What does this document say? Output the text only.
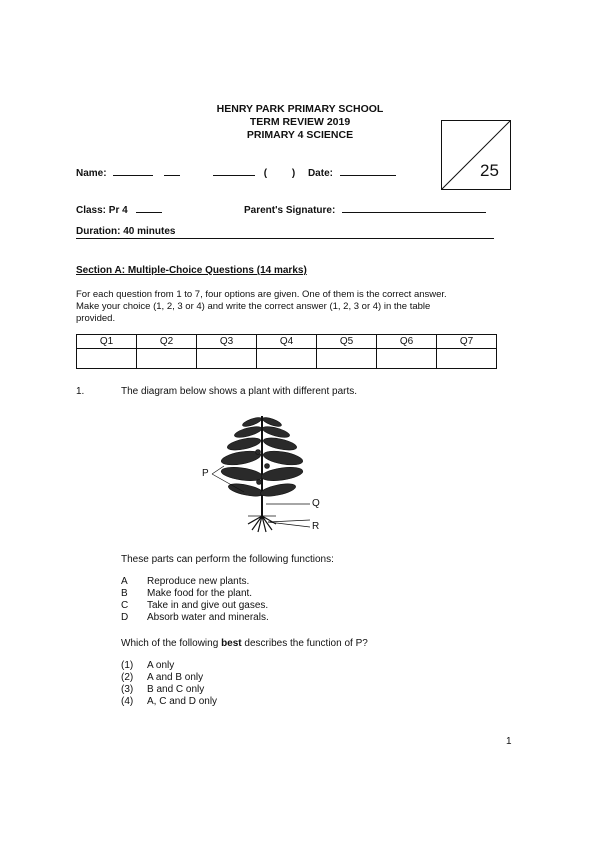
HENRY PARK PRIMARY SCHOOL
TERM REVIEW 2019
PRIMARY 4 SCIENCE
25
Name:	( ) Date:
Class: Pr 4	Parent's Signature:
Duration: 40 minutes
Section A: Multiple-Choice Questions (14 marks)
For each question from 1 to 7, four options are given. One of them is the correct answer.
Make your choice (1, 2, 3 or 4) and write the correct answer (1, 2, 3 or 4) in the table
provided.
Q1	Q2	Q3	Q4	Q5	Q6	Q7

1.	The diagram below shows a plant with different parts.
P
Q
R
These parts can perform the following functions:
A Reproduce new plants.
B Make food for the plant.
C Take in and give out gases.
D Absorb water and minerals.
Which of the following best describes the function of P?
(1) A only
(2) A and B only
(3) B and C only
(4) A, C and D only
1
